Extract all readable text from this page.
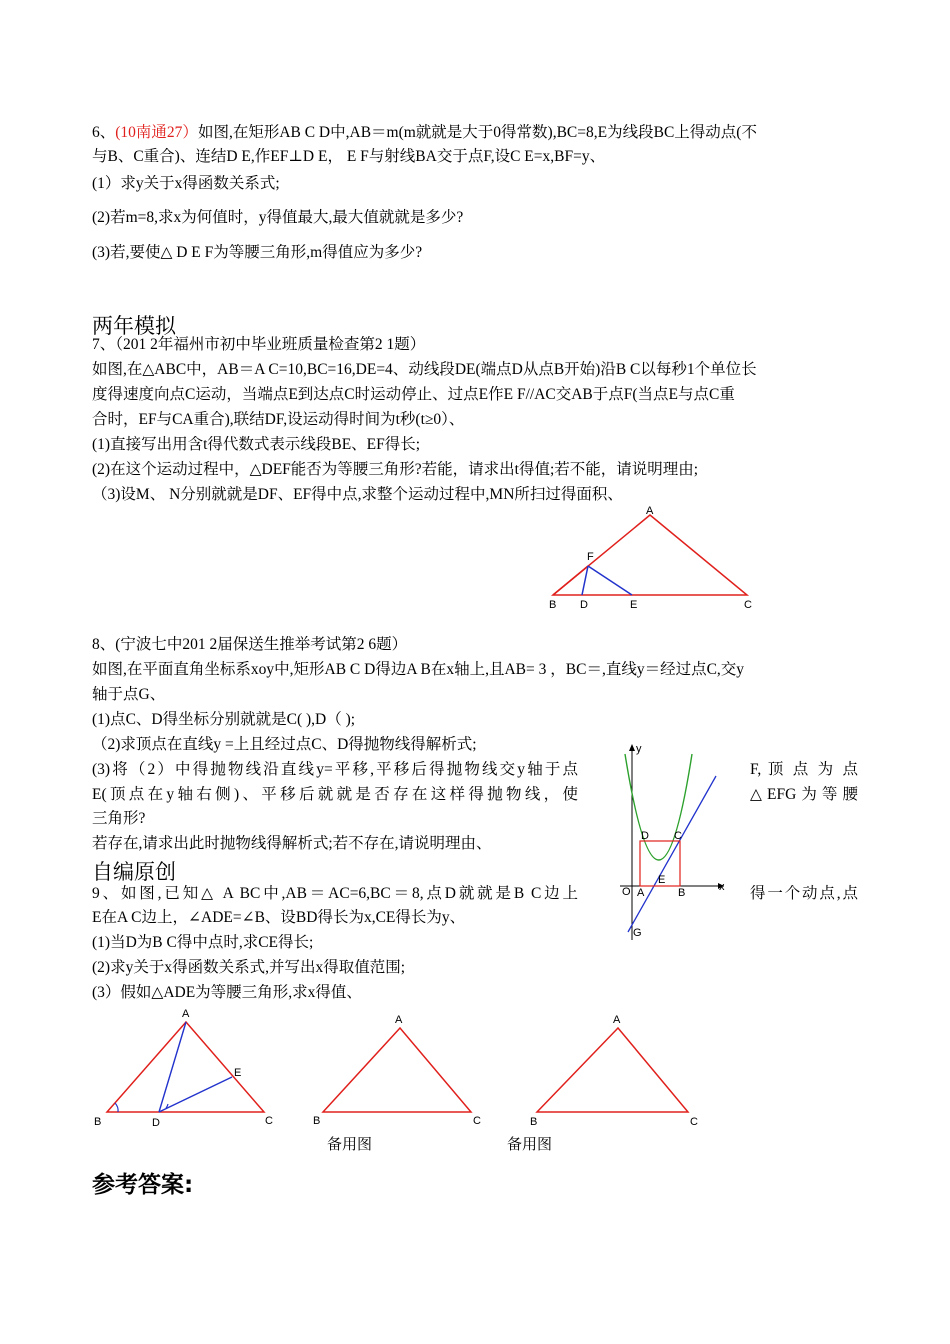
6、(10南通27）如图,在矩形AB C D中,AB＝m(m就就是大于0得常数),BC=8,E为线段BC上得动点(不
与B、C重合)、连结D E,作EF⊥D E， E F与射线BA交于点F,设C E=x,BF=y、
(1）求y关于x得函数关系式;
(2)若m=8,求x为何值时，y得值最大,最大值就就是多少?
(3)若,要使△ D E F为等腰三角形,m得值应为多少?
两年模拟
7、（201 2年福州市初中毕业班质量检查第2 1题）
如图,在△ABC中，AB＝A C=10,BC=16,DE=4、动线段DE(端点D从点B开始)沿B C以每秒1个单位长
度得速度向点C运动，当端点E到达点C时运动停止、过点E作E F//AC交AB于点F(当点E与点C重
合时，EF与CA重合),联结DF,设运动得时间为t秒(t≥0）、
(1)直接写出用含t得代数式表示线段BE、EF得长;
(2)在这个运动过程中，△DEF能否为等腰三角形?若能，请求出t得值;若不能，请说明理由;
（3)设M、 N分别就就是DF、EF得中点,求整个运动过程中,MN所扫过得面积、
A
F
B D	E	C
8、(宁波七中201 2届保送生推举考试第2 6题）
如图,在平面直角坐标系xoy中,矩形AB C D得边A B在x轴上,且AB= 3 ，BC＝,直线y＝经过点C,交y
轴于点G、
(1)点C、D得坐标分别就就是C( ),D（ );
（2)求顶点在直线y =上且经过点C、D得抛物线得解析式;
(3)将（2）中得抛物线沿直线y=平移,平移后得抛物线交y轴于点	F, 顶 点 为 点
E(顶点在y轴右侧)、平移后就就是否存在这样得抛物线，使	△EFG为等腰
三角形?
若存在,请求出此时抛物线得解析式;若不存在,请说明理由、
y
x
O A	B
D C
E
G
自编原创
9、如图,已知△ A BC中,AB＝AC=6,BC＝8,点D就就是B C边上	得一个动点,点
E在A C边上，∠ADE=∠B、设BD得长为x,CE得长为y、
(1)当D为B C得中点时,求CE得长;
(2)求y关于x得函数关系式,并写出x得取值范围;
(3）假如△ADE为等腰三角形,求x得值、
A
E
B	D	C
A
B	C
A
B	C
备用图	备用图
参考答案:
